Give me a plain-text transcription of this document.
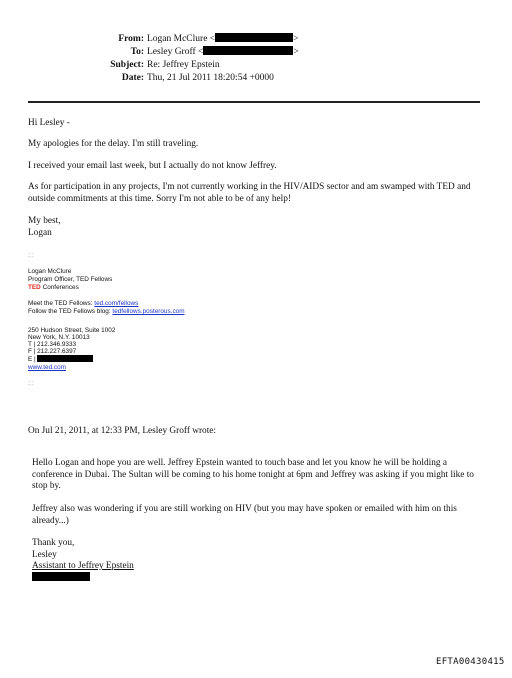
From: Logan McClure <	>
To: Lesley Groff <	>
Subject: Re: Jeffrey Epstein
Date: Thu, 21 Jul 2011 18:20:54 +0000

Hi Lesley -

My apologies for the delay. I'm still traveling.

I received your email last week, but I actually do not know Jeffrey.

As for participation in any projects, I'm not currently working in the HIV/AIDS sector and am swamped with TED and outside commitments at this time. Sorry I'm not able to be of any help!

My best,

Logan

:::
Logan McClure
Program Officer, TED Fellows
TED Conferences
Meet the TED Fellows: ted.com/fellows
Follow the TED Fellows blog: tedfellows.posterous.com
250 Hudson Street, Suite 1002
New York, N.Y. 10013
T | 212.346.9333
F | 212.227.6397
E |
www.ted.com
:::

On Jul 21, 2011, at 12:33 PM, Lesley Groff wrote:

Hello Logan and hope you are well. Jeffrey Epstein wanted to touch base and let you know he will be holding a conference in Dubai. The Sultan will be coming to his home tonight at 6pm and Jeffrey was asking if you might like to stop by.

Jeffrey also was wondering if you are still working on HIV (but you may have spoken or emailed with him on this already...)

Thank you,

Lesley

Assistant to Jeffrey Epstein

EFTA00430415
